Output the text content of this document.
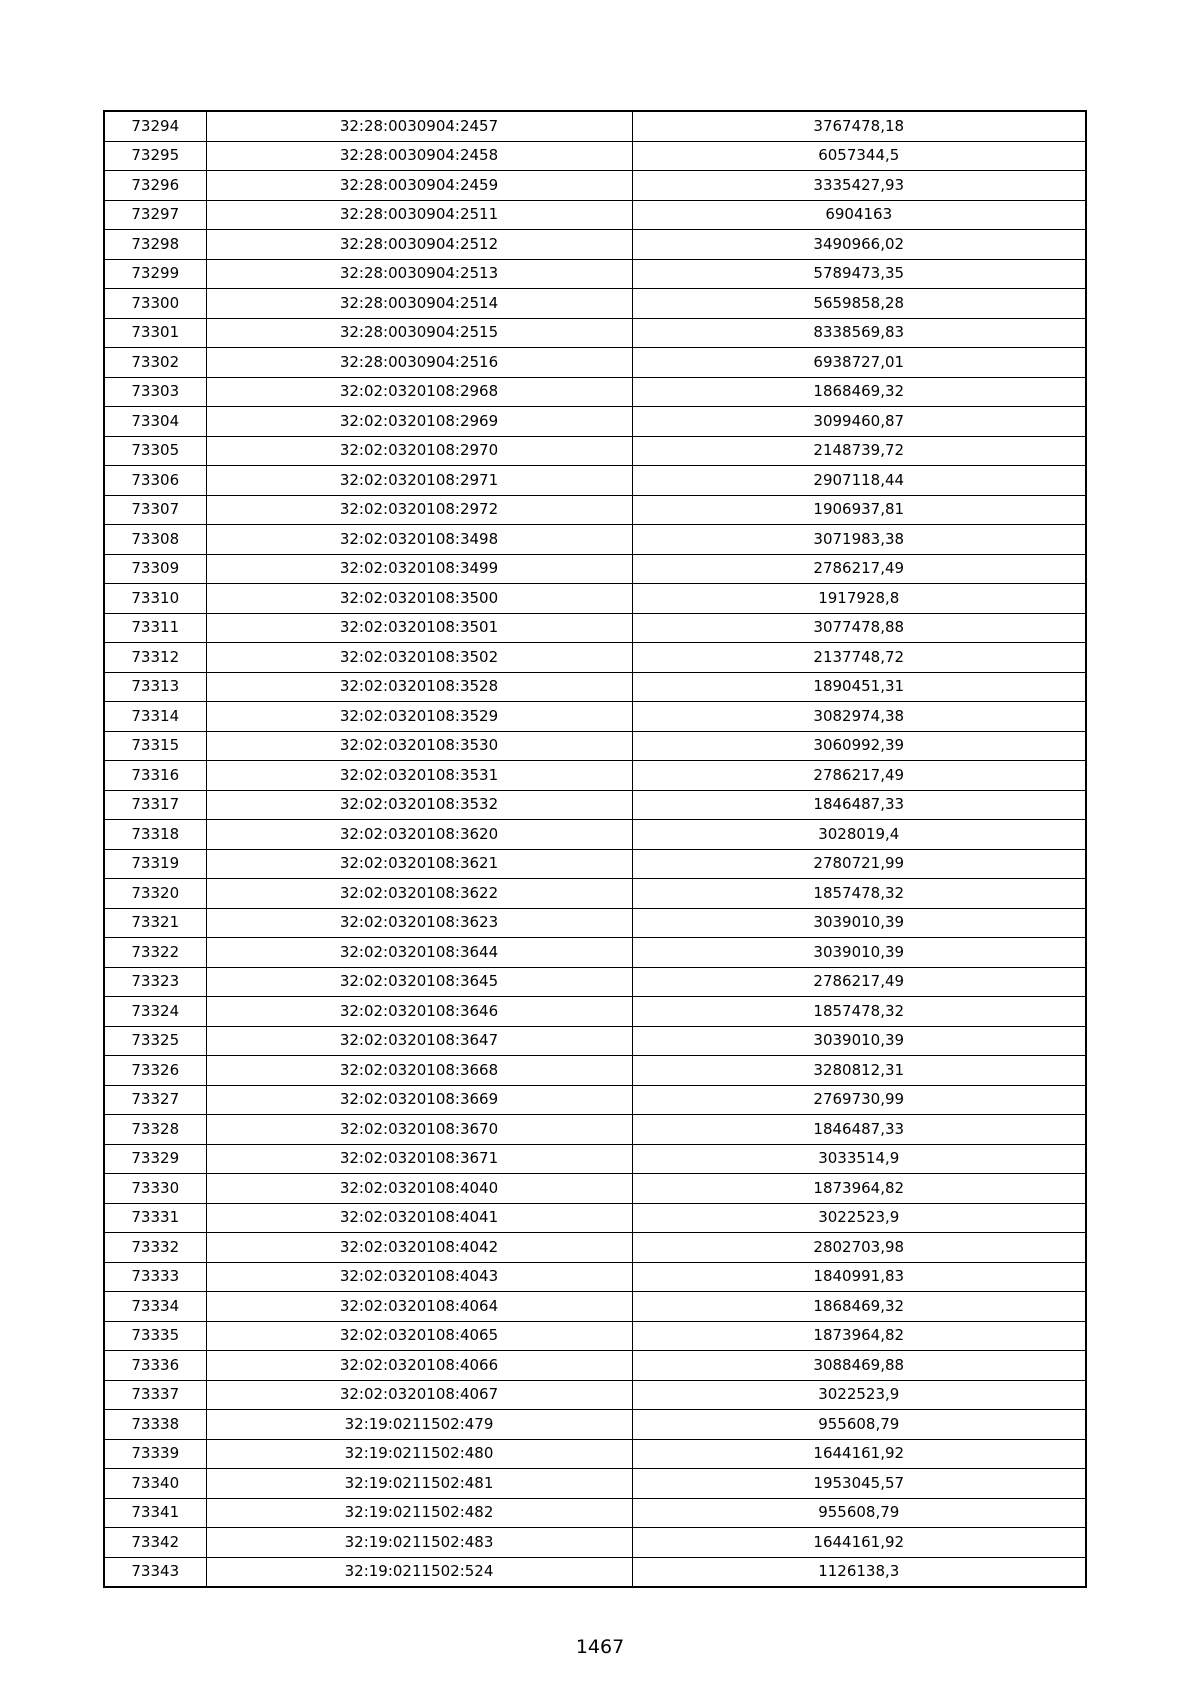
73294	32:28:0030904:2457	3767478,18
73295	32:28:0030904:2458	6057344,5
73296	32:28:0030904:2459	3335427,93
73297	32:28:0030904:2511	6904163
73298	32:28:0030904:2512	3490966,02
73299	32:28:0030904:2513	5789473,35
73300	32:28:0030904:2514	5659858,28
73301	32:28:0030904:2515	8338569,83
73302	32:28:0030904:2516	6938727,01
73303	32:02:0320108:2968	1868469,32
73304	32:02:0320108:2969	3099460,87
73305	32:02:0320108:2970	2148739,72
73306	32:02:0320108:2971	2907118,44
73307	32:02:0320108:2972	1906937,81
73308	32:02:0320108:3498	3071983,38
73309	32:02:0320108:3499	2786217,49
73310	32:02:0320108:3500	1917928,8
73311	32:02:0320108:3501	3077478,88
73312	32:02:0320108:3502	2137748,72
73313	32:02:0320108:3528	1890451,31
73314	32:02:0320108:3529	3082974,38
73315	32:02:0320108:3530	3060992,39
73316	32:02:0320108:3531	2786217,49
73317	32:02:0320108:3532	1846487,33
73318	32:02:0320108:3620	3028019,4
73319	32:02:0320108:3621	2780721,99
73320	32:02:0320108:3622	1857478,32
73321	32:02:0320108:3623	3039010,39
73322	32:02:0320108:3644	3039010,39
73323	32:02:0320108:3645	2786217,49
73324	32:02:0320108:3646	1857478,32
73325	32:02:0320108:3647	3039010,39
73326	32:02:0320108:3668	3280812,31
73327	32:02:0320108:3669	2769730,99
73328	32:02:0320108:3670	1846487,33
73329	32:02:0320108:3671	3033514,9
73330	32:02:0320108:4040	1873964,82
73331	32:02:0320108:4041	3022523,9
73332	32:02:0320108:4042	2802703,98
73333	32:02:0320108:4043	1840991,83
73334	32:02:0320108:4064	1868469,32
73335	32:02:0320108:4065	1873964,82
73336	32:02:0320108:4066	3088469,88
73337	32:02:0320108:4067	3022523,9
73338	32:19:0211502:479	955608,79
73339	32:19:0211502:480	1644161,92
73340	32:19:0211502:481	1953045,57
73341	32:19:0211502:482	955608,79
73342	32:19:0211502:483	1644161,92
73343	32:19:0211502:524	1126138,3
1467
